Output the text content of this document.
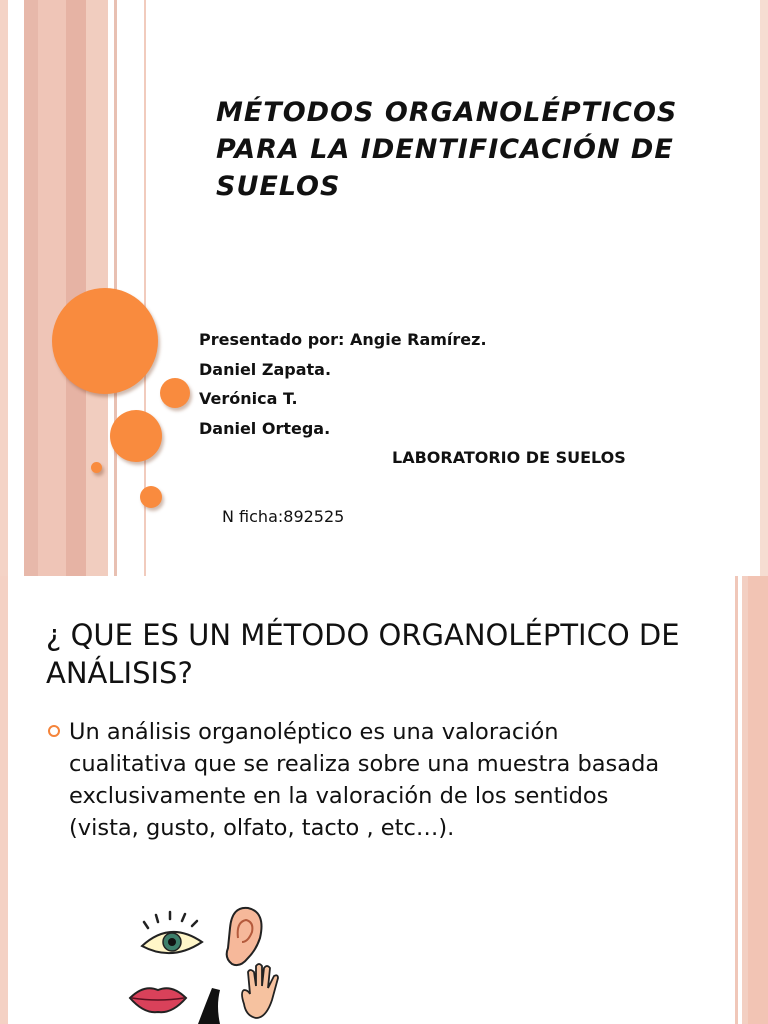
MÉTODOS ORGANOLÉPTICOS PARA LA IDENTIFICACIÓN DE SUELOS
Presentado por: Angie Ramírez.
Daniel Zapata.
Verónica T.
Daniel Ortega.
LABORATORIO DE SUELOS
N ficha:892525
¿ QUE ES UN MÉTODO ORGANOLÉPTICO DE ANÁLISIS?

Un análisis organoléptico es una valoración cualitativa que se realiza sobre una muestra basada exclusivamente en la valoración de los sentidos (vista, gusto, olfato, tacto , etc…).
